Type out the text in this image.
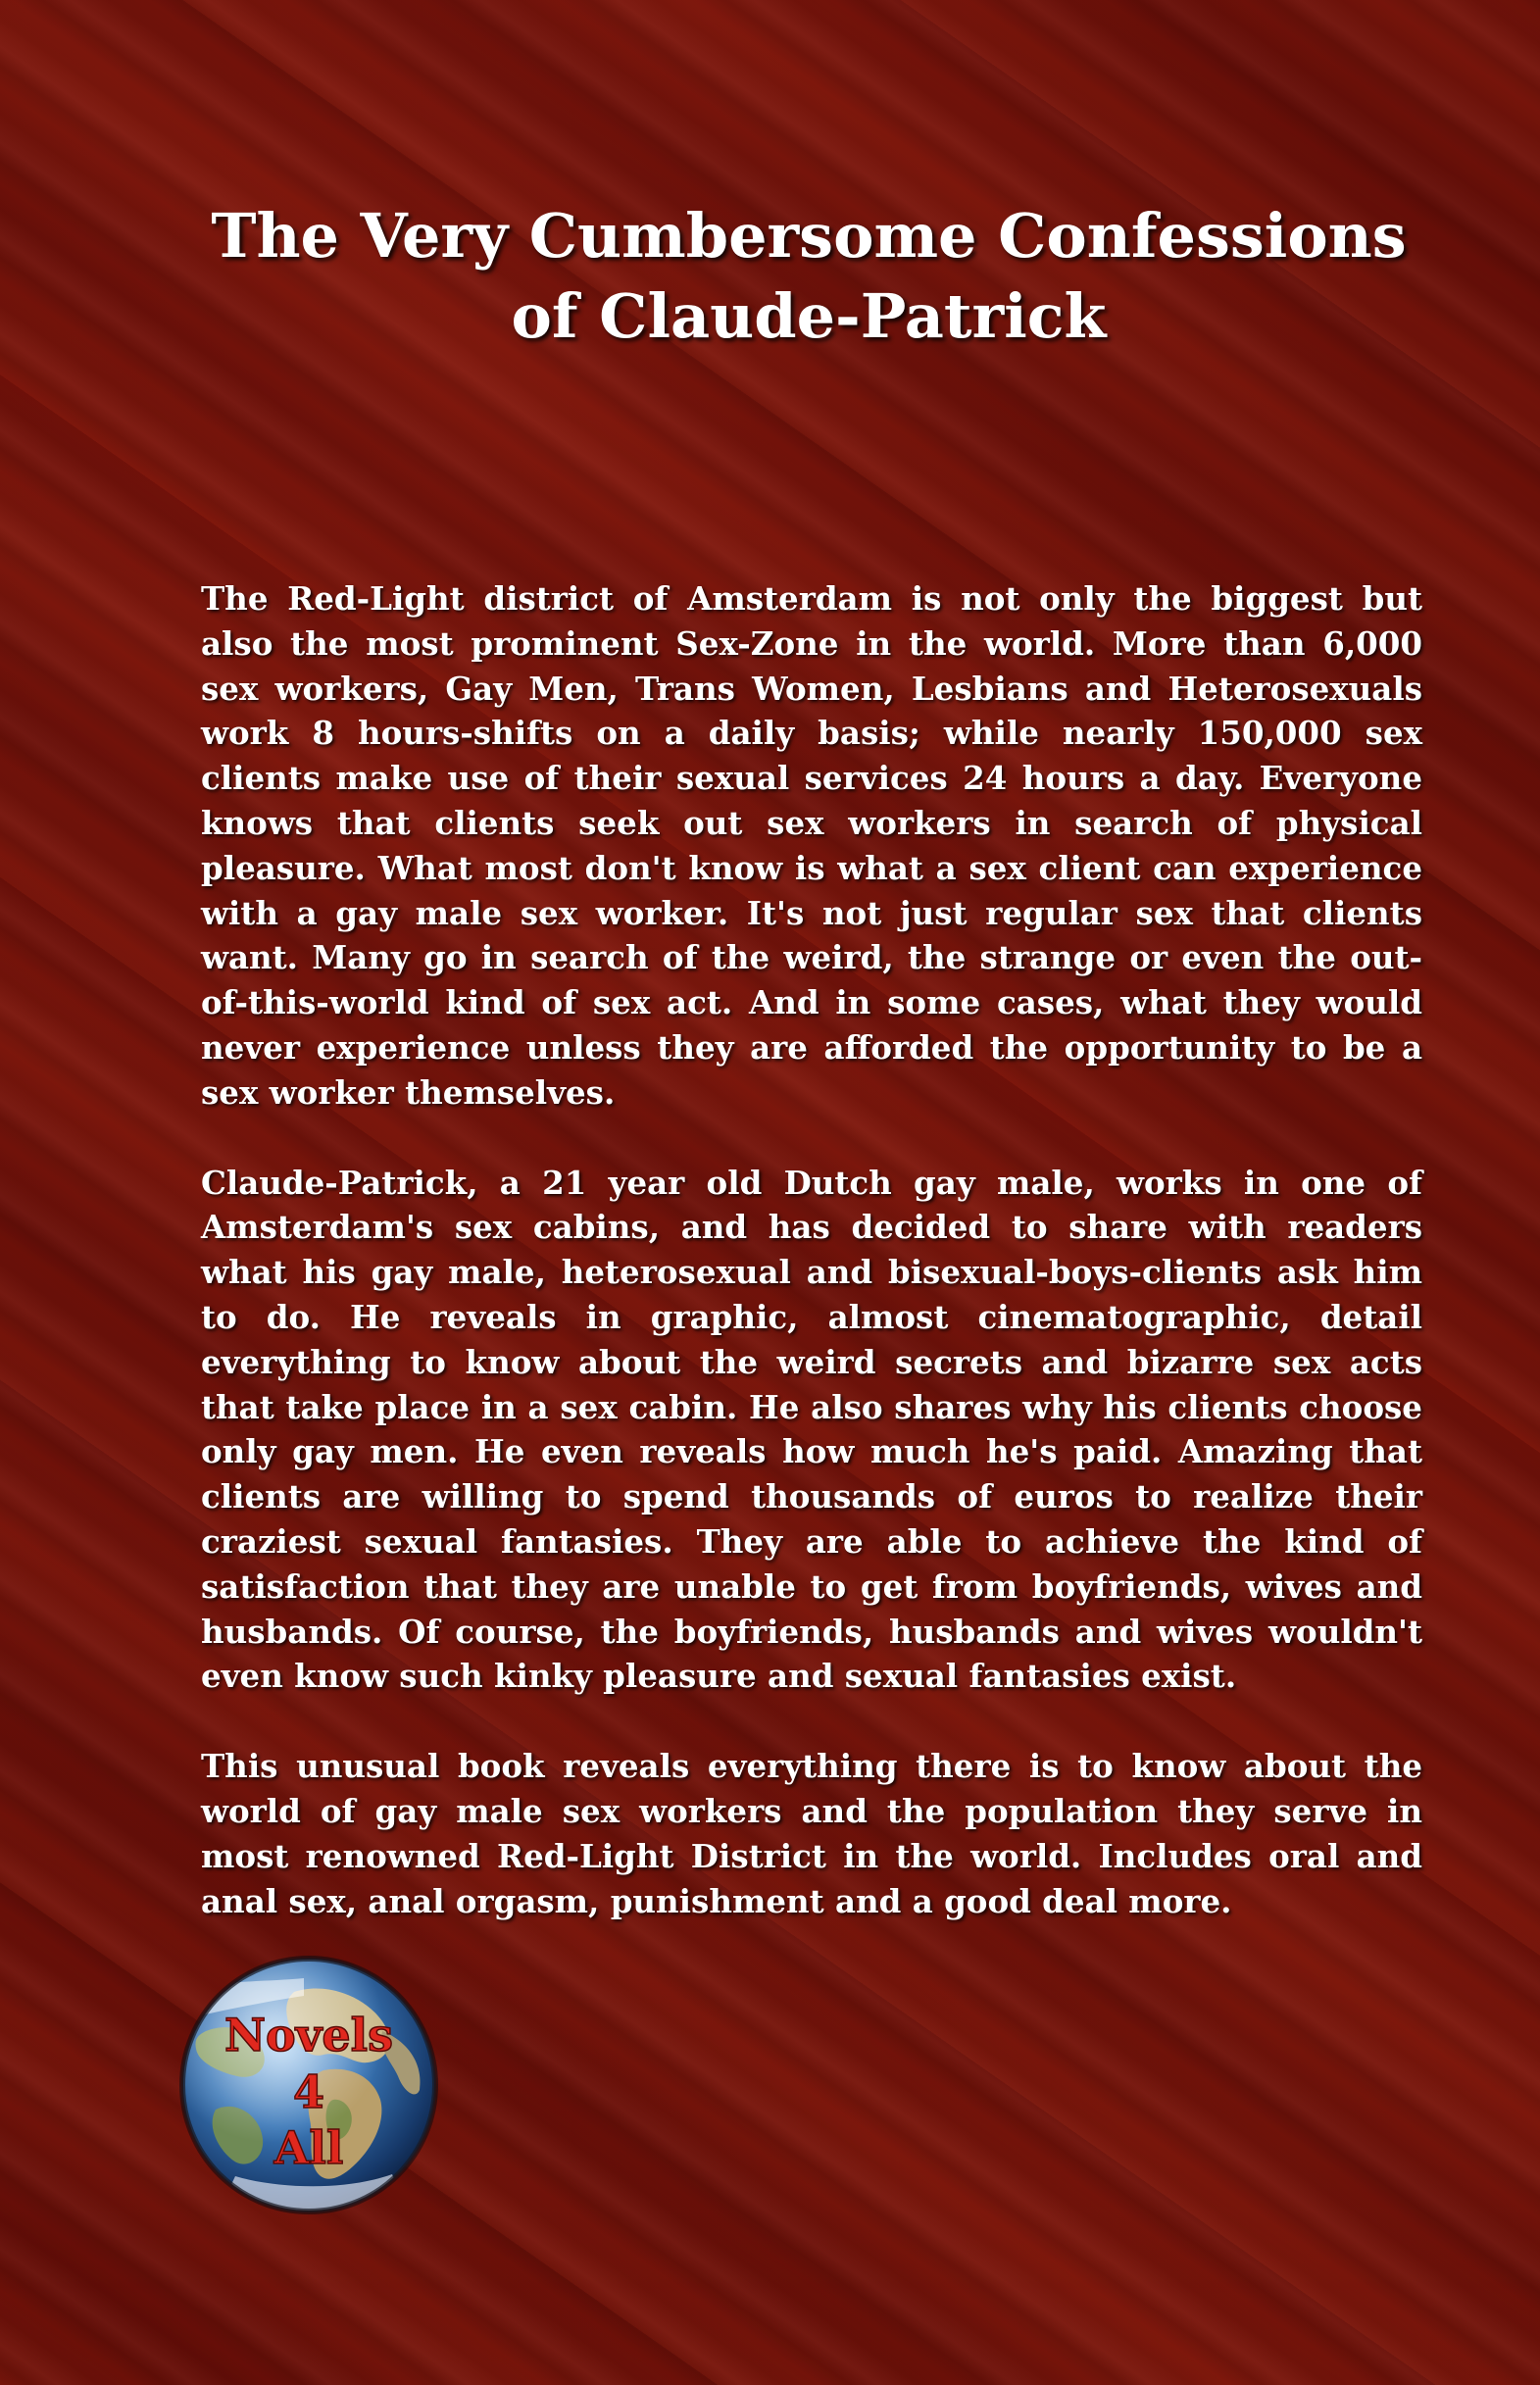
The Very Cumbersome Confessions
of Claude-Patrick

The Red-Light district of Amsterdam is not only the biggest but also the most prominent Sex-Zone in the world. More than 6,000 sex workers, Gay Men, Trans Women, Lesbians and Heterosexuals work 8 hours-shifts on a daily basis; while nearly 150,000 sex clients make use of their sexual services 24 hours a day. Everyone knows that clients seek out sex workers in search of physical pleasure. What most don't know is what a sex client can experience with a gay male sex worker. It's not just regular sex that clients want. Many go in search of the weird, the strange or even the out-of-this-world kind of sex act. And in some cases, what they would never experience unless they are afforded the opportunity to be a sex worker themselves.

Claude-Patrick, a 21 year old Dutch gay male, works in one of Amsterdam's sex cabins, and has decided to share with readers what his gay male, heterosexual and bisexual-boys-clients ask him to do. He reveals in graphic, almost cinematographic, detail everything to know about the weird secrets and bizarre sex acts that take place in a sex cabin. He also shares why his clients choose only gay men. He even reveals how much he's paid. Amazing that clients are willing to spend thousands of euros to realize their craziest sexual fantasies. They are able to achieve the kind of satisfaction that they are unable to get from boyfriends, wives and husbands. Of course, the boyfriends, husbands and wives wouldn't even know such kinky pleasure and sexual fantasies exist.

This unusual book reveals everything there is to know about the world of gay male sex workers and the population they serve in most renowned Red-Light District in the world. Includes oral and anal sex, anal orgasm, punishment and a good deal more.

Novels
4
All
